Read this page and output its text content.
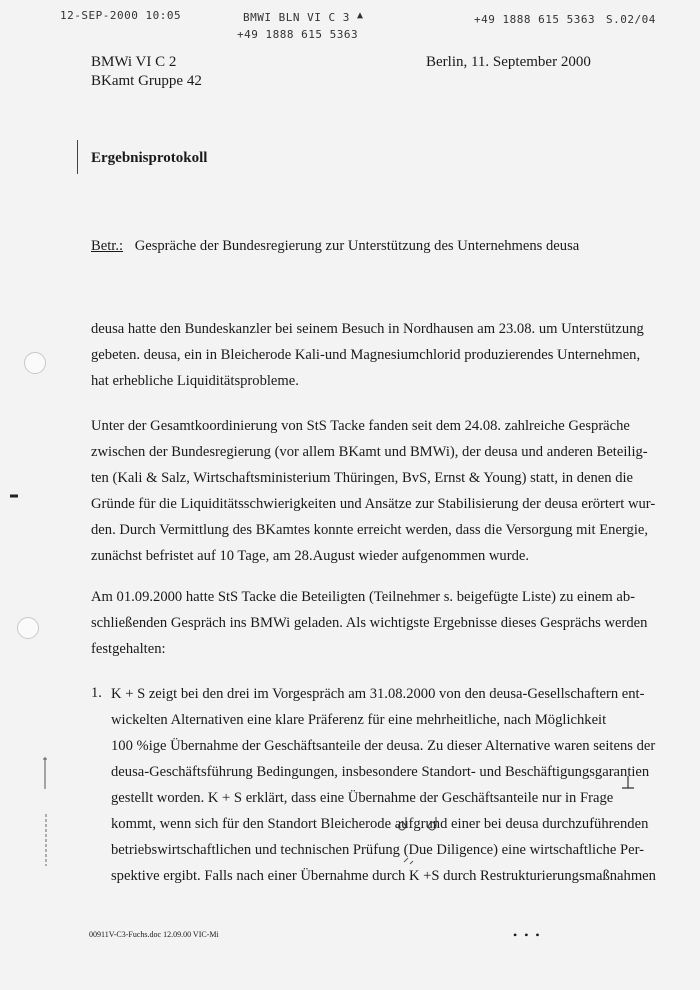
12-SEP-2000 10:05	BMWI BLN VI C 3 ▲
+49 1888 615 5363
+49 1888 615 5363 S.02/04
BMWi VI C 2
BKamt Gruppe 42
Berlin, 11. September 2000
Ergebnisprotokoll
Betr.: Gespräche der Bundesregierung zur Unterstützung des Unternehmens deusa
deusa hatte den Bundeskanzler bei seinem Besuch in Nordhausen am 23.08. um Unterstützung
gebeten. deusa, ein in Bleicherode Kali-und Magnesiumchlorid produzierendes Unternehmen,
hat erhebliche Liquiditätsprobleme.
Unter der Gesamtkoordinierung von StS Tacke fanden seit dem 24.08. zahlreiche Gespräche
zwischen der Bundesregierung (vor allem BKamt und BMWi), der deusa und anderen Beteilig-
ten (Kali & Salz, Wirtschaftsministerium Thüringen, BvS, Ernst & Young) statt, in denen die
Gründe für die Liquiditätsschwierigkeiten und Ansätze zur Stabilisierung der deusa erörtert wur-
den. Durch Vermittlung des BKamtes konnte erreicht werden, dass die Versorgung mit Energie,
zunächst befristet auf 10 Tage, am 28.August wieder aufgenommen wurde.
Am 01.09.2000 hatte StS Tacke die Beteiligten (Teilnehmer s. beigefügte Liste) zu einem ab-
schließenden Gespräch ins BMWi geladen. Als wichtigste Ergebnisse dieses Gesprächs werden
festgehalten:
1. K + S zeigt bei den drei im Vorgespräch am 31.08.2000 von den deusa-Gesellschaftern ent-
wickelten Alternativen eine klare Präferenz für eine mehrheitliche, nach Möglichkeit
100 %ige Übernahme der Geschäftsanteile der deusa. Zu dieser Alternative waren seitens der
deusa-Geschäftsführung Bedingungen, insbesondere Standort- und Beschäftigungsgarantien
gestellt worden. K + S erklärt, dass eine Übernahme der Geschäftsanteile nur in Frage
kommt, wenn sich für den Standort Bleicherode aufgrund einer bei deusa durchzuführenden
betriebswirtschaftlichen und technischen Prüfung (Due Diligence) eine wirtschaftliche Per-
spektive ergibt. Falls nach einer Übernahme durch K +S durch Restrukturierungsmaßnahmen
00911V-C3-Fuchs.doc 12.09.00 VIC-Mi	• • •
